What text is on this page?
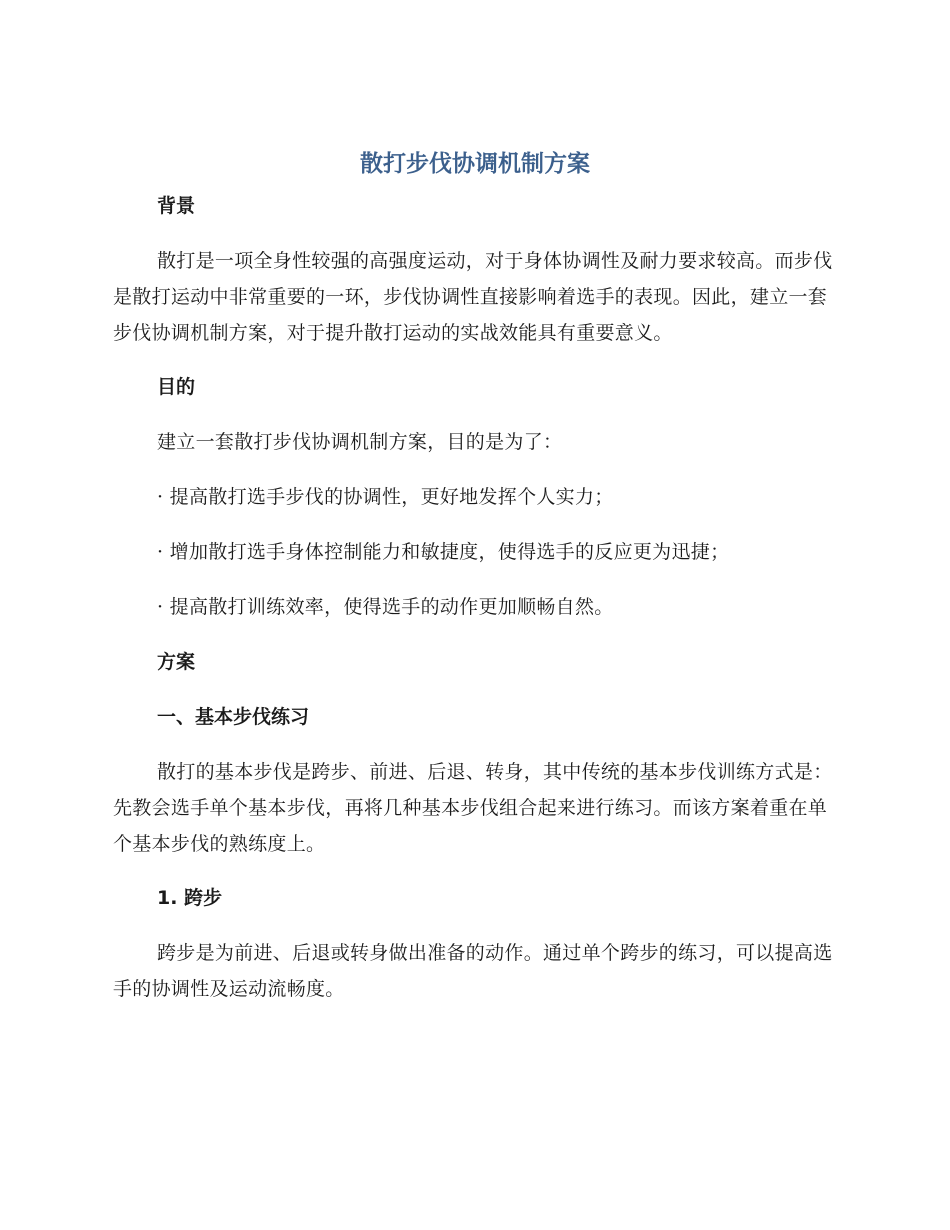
散打步伐协调机制方案
背景

散打是一项全身性较强的高强度运动，对于身体协调性及耐力要求较高。而步伐是散打运动中非常重要的一环，步伐协调性直接影响着选手的表现。因此，建立一套步伐协调机制方案，对于提升散打运动的实战效能具有重要意义。

目的

建立一套散打步伐协调机制方案，目的是为了：

· 提高散打选手步伐的协调性，更好地发挥个人实力；

· 增加散打选手身体控制能力和敏捷度，使得选手的反应更为迅捷；

· 提高散打训练效率，使得选手的动作更加顺畅自然。

方案
一、基本步伐练习

散打的基本步伐是跨步、前进、后退、转身，其中传统的基本步伐训练方式是：先教会选手单个基本步伐，再将几种基本步伐组合起来进行练习。而该方案着重在单个基本步伐的熟练度上。

1. 跨步

跨步是为前进、后退或转身做出准备的动作。通过单个跨步的练习，可以提高选手的协调性及运动流畅度。
